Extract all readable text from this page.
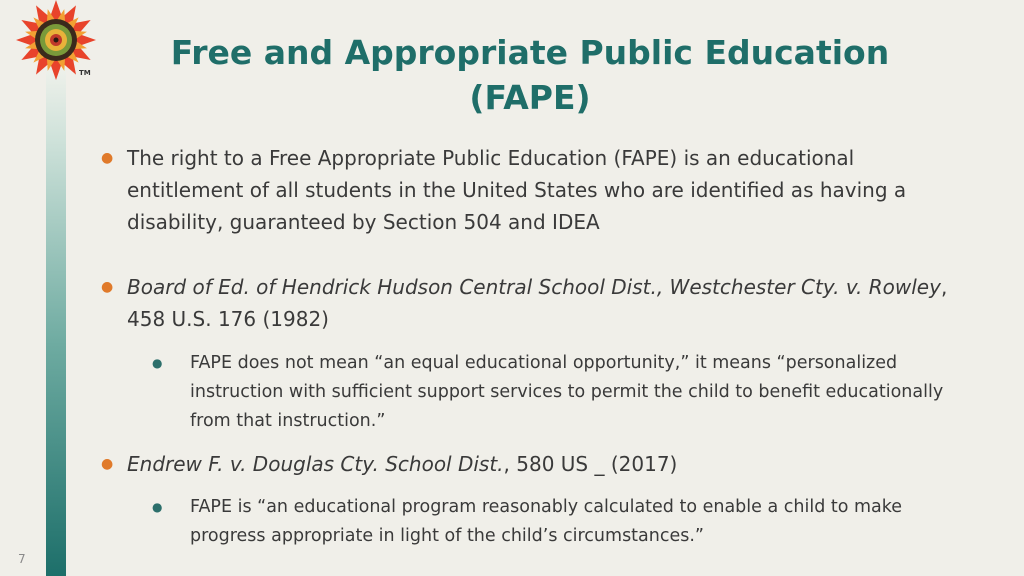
TM
Free and Appropriate Public Education
(FAPE)
● The right to a Free Appropriate Public Education (FAPE) is an educational entitlement of all students in the United States who are identified as having a disability, guaranteed by Section 504 and IDEA
● Board of Ed. of Hendrick Hudson Central School Dist., Westchester Cty. v. Rowley, 458 U.S. 176 (1982)
● FAPE does not mean “an equal educational opportunity,” it means “personalized instruction with sufficient support services to permit the child to benefit educationally from that instruction.”
● Endrew F. v. Douglas Cty. School Dist., 580 US _ (2017)
● FAPE is “an educational program reasonably calculated to enable a child to make progress appropriate in light of the child’s circumstances.”
7
